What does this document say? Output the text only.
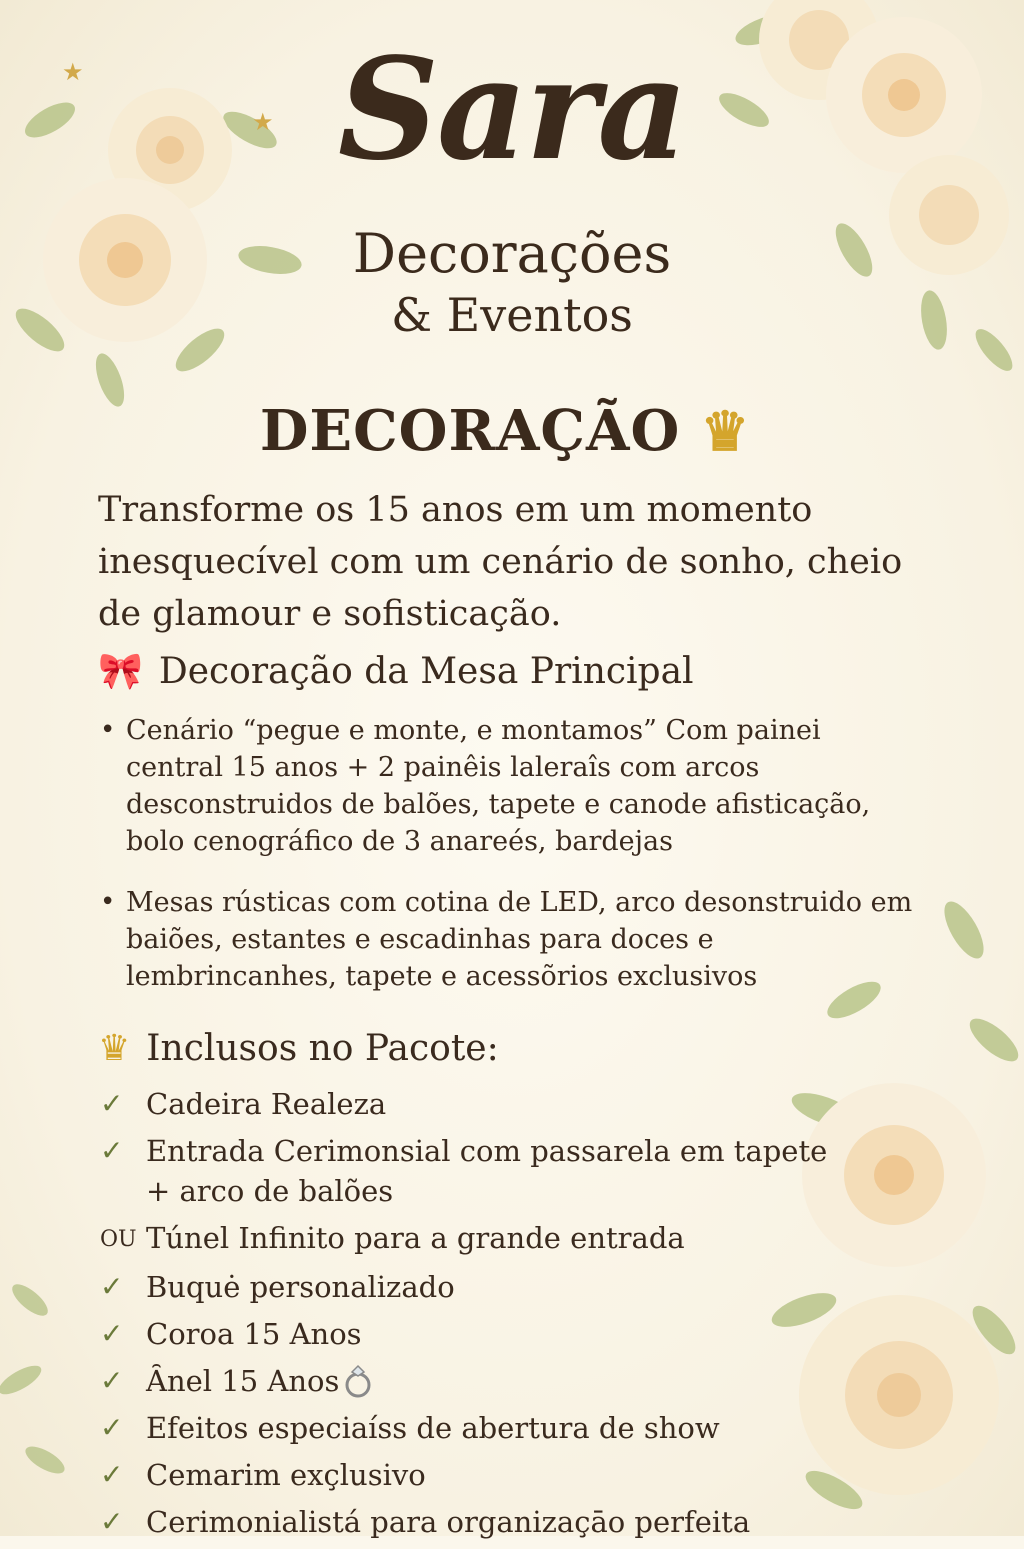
★
★ Sara
Decorações
& Eventos
DECORAÇÃO ♛
Transforme os 15 anos em um momento inesquecível com um cenário de sonho, cheio de glamour e sofisticação.
🎀 Decoração da Mesa Principal
• Cenário “pegue e monte, e montamos” Com painei central 15 anos + 2 painêis laleraîs com arcos desconstruidos de balões, tapete e canode afisticação, bolo cenográfico de 3 anareés, bardejas
• Mesas rústicas com cotina de LED, arco desonstruido em baiões, estantes e escadinhas para doces e lembrincanhes, tapete e acessõrios exclusivos
♛ Inclusos no Pacote:
✓ Cadeira Realeza
✓ Entrada Cerimonsial com passarela em tapete
+ arco de balões
OU Túnel Infinito para a grande entrada
✓ Buquė personalizado
✓ Coroa 15 Anos
✓ Ȃnel 15 Anos
✓ Efeitos especiaíss de abertura de show
✓ Cemarim exçlusivo
✓ Cerimonialistá para organizaçāo perfeita
